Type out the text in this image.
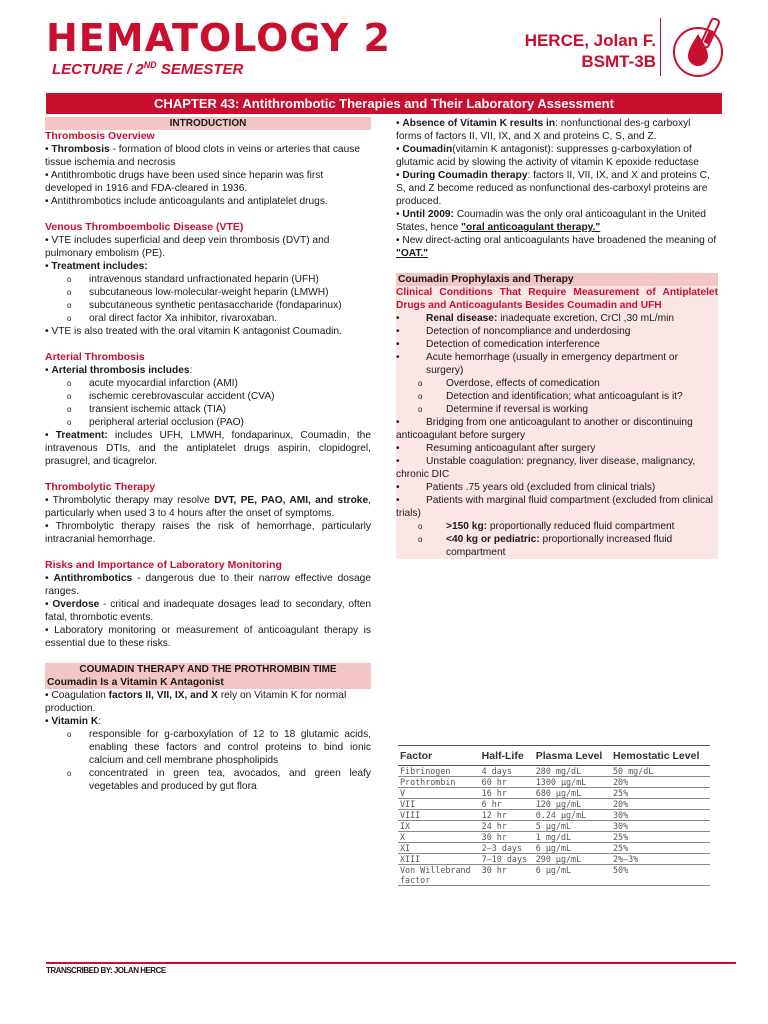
HEMATOLOGY 2
LECTURE / 2ND SEMESTER
HERCE, Jolan F.
BSMT-3B
CHAPTER 43: Antithrombotic Therapies and Their Laboratory Assessment
INTRODUCTION
Thrombosis Overview
• Thrombosis - formation of blood clots in veins or arteries that cause tissue ischemia and necrosis
• Antithrombotic drugs have been used since heparin was first developed in 1916 and FDA-cleared in 1936.
• Antithrombotics include anticoagulants and antiplatelet drugs.
Venous Thromboembolic Disease (VTE)
• VTE includes superficial and deep vein thrombosis (DVT) and pulmonary embolism (PE).
• Treatment includes:
o	intravenous standard unfractionated heparin (UFH)
o	subcutaneous low-molecular-weight heparin (LMWH)
o	subcutaneous synthetic pentasaccharide (fondaparinux)
o	oral direct factor Xa inhibitor, rivaroxaban.
• VTE is also treated with the oral vitamin K antagonist Coumadin.
Arterial Thrombosis
• Arterial thrombosis includes:
o	acute myocardial infarction (AMI)
o	ischemic cerebrovascular accident (CVA)
o	transient ischemic attack (TIA)
o	peripheral arterial occlusion (PAO)
• Treatment: includes UFH, LMWH, fondaparinux, Coumadin, the intravenous DTIs, and the antiplatelet drugs aspirin, clopidogrel, prasugrel, and ticagrelor.
Thrombolytic Therapy
• Thrombolytic therapy may resolve DVT, PE, PAO, AMI, and stroke, particularly when used 3 to 4 hours after the onset of symptoms.
• Thrombolytic therapy raises the risk of hemorrhage, particularly intracranial hemorrhage.
Risks and Importance of Laboratory Monitoring
• Antithrombotics - dangerous due to their narrow effective dosage ranges.
• Overdose - critical and inadequate dosages lead to secondary, often fatal, thrombotic events.
• Laboratory monitoring or measurement of anticoagulant therapy is essential due to these risks.
COUMADIN THERAPY AND THE PROTHROMBIN TIME
Coumadin Is a Vitamin K Antagonist
• Coagulation factors II, VII, IX, and X rely on Vitamin K for normal production.
• Vitamin K:
o	responsible for g-carboxylation of 12 to 18 glutamic acids, enabling these factors and control proteins to bind ionic calcium and cell membrane phospholipids
o	concentrated in green tea, avocados, and green leafy vegetables and produced by gut flora
• Absence of Vitamin K results in: nonfunctional des-g carboxyl forms of factors II, VII, IX, and X and proteins C, S, and Z.
• Coumadin(vitamin K antagonist): suppresses g-carboxylation of glutamic acid by slowing the activity of vitamin K epoxide reductase
• During Coumadin therapy: factors II, VII, IX, and X and proteins C, S, and Z become reduced as nonfunctional des-carboxyl proteins are produced.
• Until 2009: Coumadin was the only oral anticoagulant in the United States, hence "oral anticoagulant therapy."
• New direct-acting oral anticoagulants have broadened the meaning of "OAT."
Coumadin Prophylaxis and Therapy
Clinical Conditions That Require Measurement of Antiplatelet Drugs and Anticoagulants Besides Coumadin and UFH
•	Renal disease: inadequate excretion, CrCl ,30 mL/min
•	Detection of noncompliance and underdosing
•	Detection of comedication interference
•	Acute hemorrhage (usually in emergency department or surgery)
o	Overdose, effects of comedication
o	Detection and identification; what anticoagulant is it?
o	Determine if reversal is working
•	Bridging from one anticoagulant to another or discontinuing
anticoagulant before surgery
•	Resuming anticoagulant after surgery
•	Unstable coagulation: pregnancy, liver disease, malignancy,
chronic DIC
•	Patients .75 years old (excluded from clinical trials)
•	Patients with marginal fluid compartment (excluded from clinical
trials)
o	>150 kg: proportionally reduced fluid compartment
o	<40 kg or pediatric: proportionally increased fluid compartment
Factor	Half-Life	Plasma Level	Hemostatic Level
Fibrinogen	4 days	280 mg/dL	50 mg/dL
Prothrombin	60 hr	1300 μg/mL	20%
V	16 hr	680 μg/mL	25%
VII	6 hr	120 μg/mL	20%
VIII	12 hr	0.24 μg/mL	30%
IX	24 hr	5 μg/mL	30%
X	30 hr	1 mg/dL	25%
XI	2–3 days	6 μg/mL	25%
XIII	7–10 days	290 μg/mL	2%–3%
Von Willebrand	30 hr	6 μg/mL	50%
factor			
TRANSCRIBED BY: JOLAN HERCE
